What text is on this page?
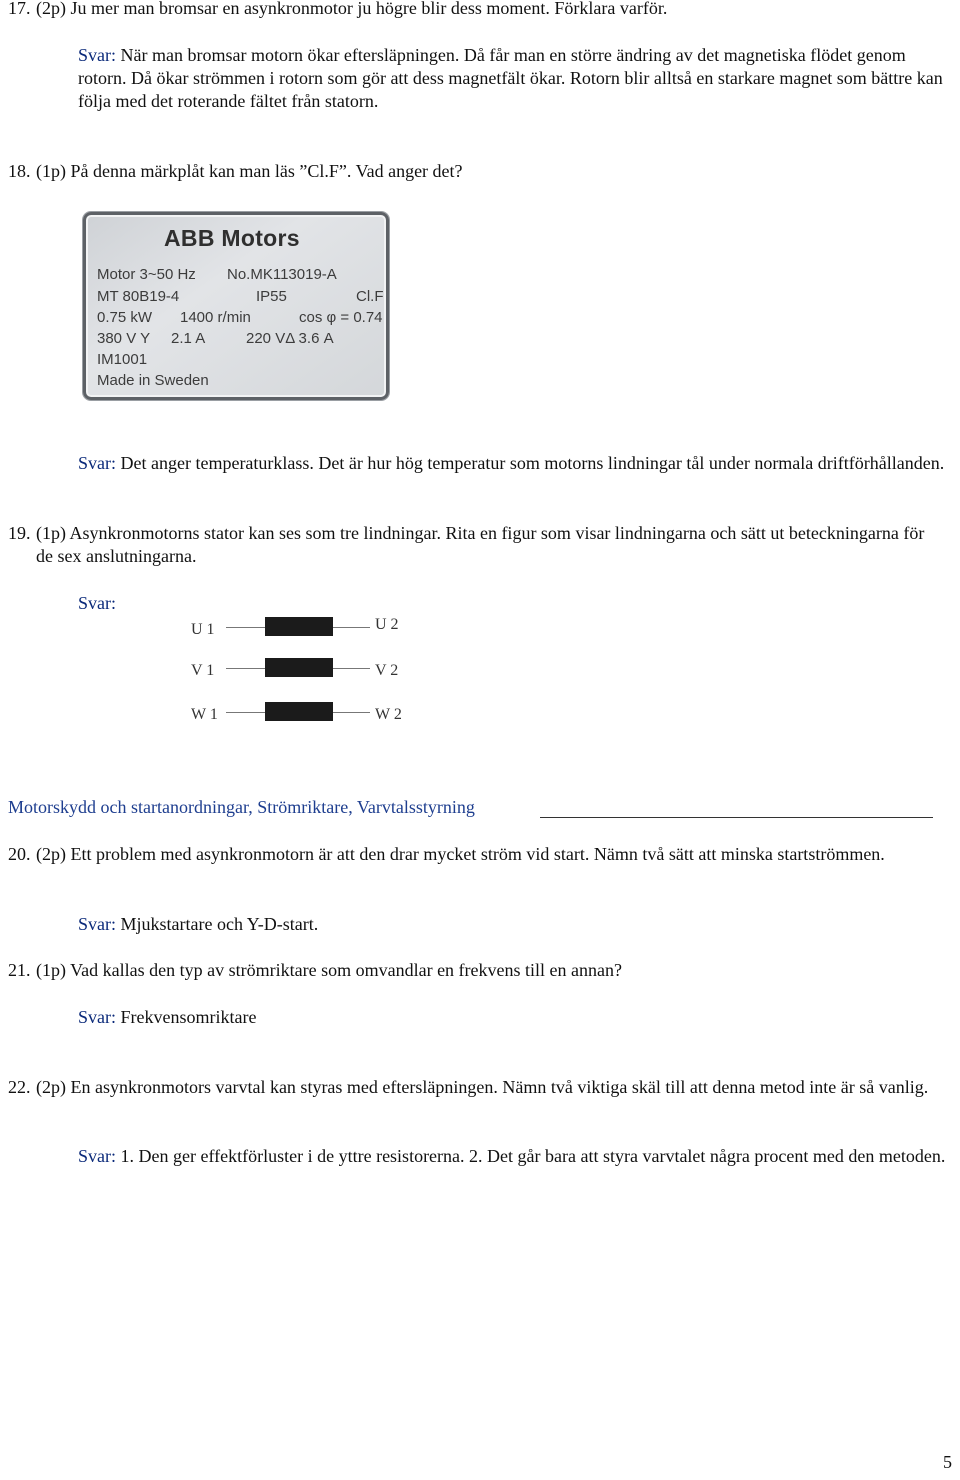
17. (2p) Ju mer man bromsar en asynkronmotor ju högre blir dess moment. Förklara varför.
Svar: När man bromsar motorn ökar eftersläpningen. Då får man en större ändring av det magnetiska flödet genom rotorn. Då ökar strömmen i rotorn som gör att dess magnetfält ökar. Rotorn blir alltså en starkare magnet som bättre kan följa med det roterande fältet från statorn.
18. (1p) På denna märkplåt kan man läs ”Cl.F”. Vad anger det?
ABB Motors
Motor 3~50 Hz No.MK113019-A
MT 80B19-4	IP55	Cl.F
0.75 kW 1400 r/min	cos φ = 0.74
380 V Y 2.1 A	220 VΔ 3.6 A
IM1001
Made in Sweden
Svar: Det anger temperaturklass. Det är hur hög temperatur som motorns lindningar tål under normala driftförhållanden.
19. (1p) Asynkronmotorns stator kan ses som tre lindningar. Rita en figur som visar lindningarna och sätt ut beteckningarna för de sex anslutningarna.
Svar:
U 1	U 2
V 1	V 2
W 1	W 2
Motorskydd och startanordningar, Strömriktare, Varvtalsstyrning
20. (2p) Ett problem med asynkronmotorn är att den drar mycket ström vid start. Nämn två sätt att minska startströmmen.
Svar: Mjukstartare och Y-D-start.
21. (1p) Vad kallas den typ av strömriktare som omvandlar en frekvens till en annan?
Svar: Frekvensomriktare
22. (2p) En asynkronmotors varvtal kan styras med eftersläpningen. Nämn två viktiga skäl till att denna metod inte är så vanlig.
Svar: 1. Den ger effektförluster i de yttre resistorerna. 2. Det går bara att styra varvtalet några procent med den metoden.
5
